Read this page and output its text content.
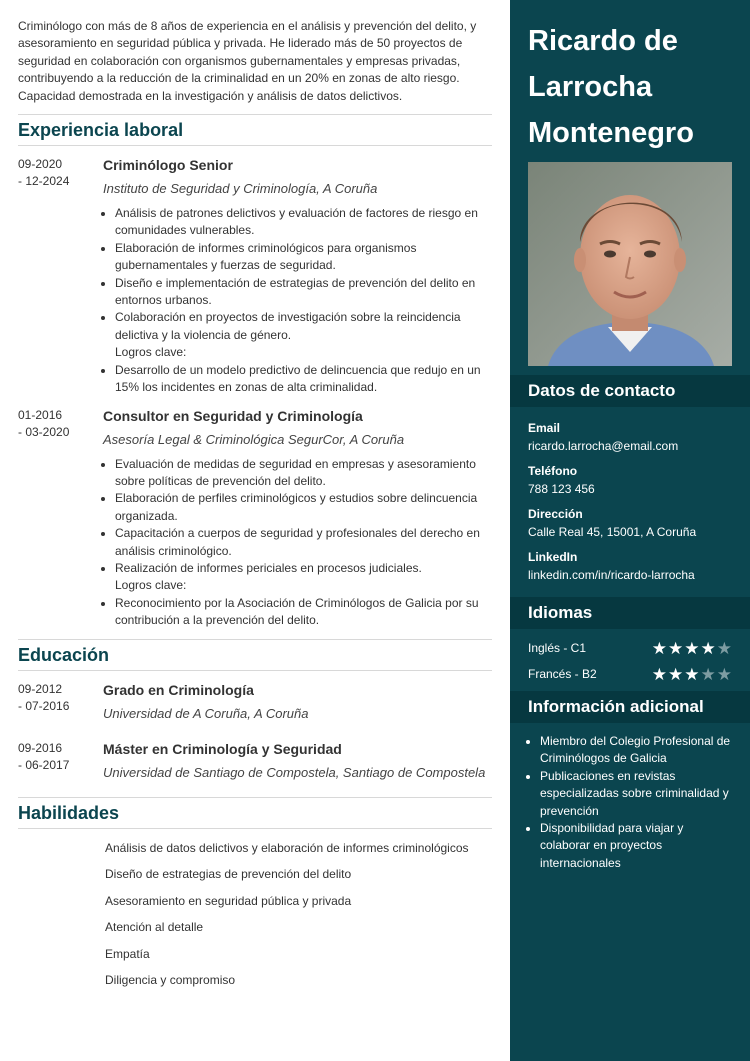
Criminólogo con más de 8 años de experiencia en el análisis y prevención del delito, y asesoramiento en seguridad pública y privada. He liderado más de 50 proyectos de seguridad en colaboración con organismos gubernamentales y empresas privadas, contribuyendo a la reducción de la criminalidad en un 20% en zonas de alto riesgo. Capacidad demostrada en la investigación y análisis de datos delictivos.

Experiencia laboral
09-2020
- 12-2024
Criminólogo Senior
Instituto de Seguridad y Criminología, A Coruña
• Análisis de patrones delictivos y evaluación de factores de riesgo en comunidades vulnerables.
• Elaboración de informes criminológicos para organismos gubernamentales y fuerzas de seguridad.
• Diseño e implementación de estrategias de prevención del delito en entornos urbanos.
• Colaboración en proyectos de investigación sobre la reincidencia delictiva y la violencia de género.
Logros clave:
• Desarrollo de un modelo predictivo de delincuencia que redujo en un 15% los incidentes en zonas de alta criminalidad.
01-2016
- 03-2020
Consultor en Seguridad y Criminología
Asesoría Legal & Criminológica SegurCor, A Coruña
• Evaluación de medidas de seguridad en empresas y asesoramiento sobre políticas de prevención del delito.
• Elaboración de perfiles criminológicos y estudios sobre delincuencia organizada.
• Capacitación a cuerpos de seguridad y profesionales del derecho en análisis criminológico.
• Realización de informes periciales en procesos judiciales.
Logros clave:
• Reconocimiento por la Asociación de Criminólogos de Galicia por su contribución a la prevención del delito.
Educación
09-2012
- 07-2016
Grado en Criminología
Universidad de A Coruña, A Coruña
09-2016
- 06-2017
Máster en Criminología y Seguridad
Universidad de Santiago de Compostela, Santiago de Compostela
Habilidades
Análisis de datos delictivos y elaboración de informes criminológicos
Diseño de estrategias de prevención del delito
Asesoramiento en seguridad pública y privada
Atención al detalle
Empatía
Diligencia y compromiso
Ricardo de
Larrocha
Montenegro
Datos de contacto
Email
ricardo.larrocha@email.com
Teléfono
788 123 456
Dirección
Calle Real 45, 15001, A Coruña
LinkedIn
linkedin.com/in/ricardo-larrocha
Idiomas
Inglés - C1	★ ★ ★ ★ ★
Francés - B2	★ ★ ★ ★ ★
Información adicional
• Miembro del Colegio Profesional de Criminólogos de Galicia
• Publicaciones en revistas especializadas sobre criminalidad y prevención
• Disponibilidad para viajar y colaborar en proyectos internacionales
